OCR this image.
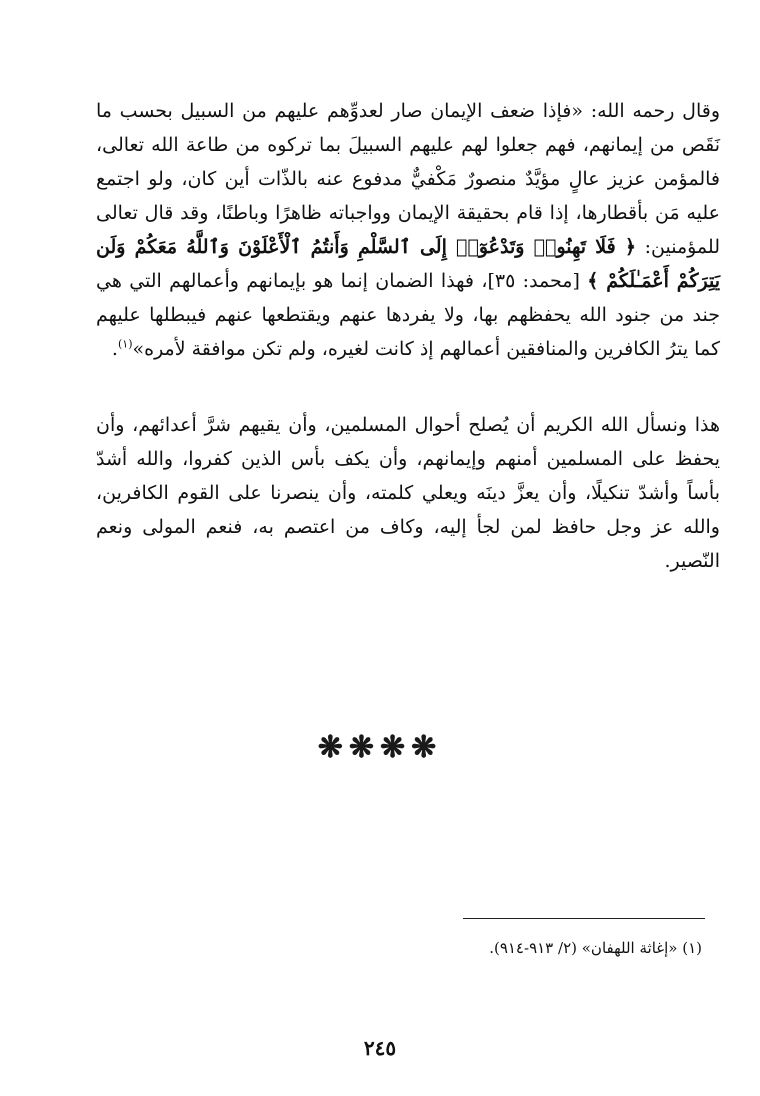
وقال رحمه الله: «فإذا ضعف الإيمان صار لعدوِّهم عليهم من السبيل بحسب ما نَقَص من إيمانهم، فهم جعلوا لهم عليهم السبيلَ بما تركوه من طاعة الله تعالى، فالمؤمن عزيز عالٍ مؤيَّدٌ منصورٌ مَكْفيٌّ مدفوع عنه بالذّات أين كان، ولو اجتمع عليه مَن بأقطارها، إذا قام بحقيقة الإيمان وواجباته ظاهرًا وباطنًا، وقد قال تعالى للمؤمنين: ﴿ فَلَا تَهِنُوا۟ وَتَدْعُوٓا۟ إِلَى ٱلسَّلْمِ وَأَنتُمُ ٱلْأَعْلَوْنَ وَٱللَّهُ مَعَكُمْ وَلَن يَتِرَكُمْ أَعْمَـٰلَكُمْ ﴾ [محمد: ٣٥]، فهذا الضمان إنما هو بإيمانهم وأعمالهم التي هي جند من جنود الله يحفظهم بها، ولا يفردها عنهم ويقتطعها عنهم فيبطلها عليهم كما يترُ الكافرين والمنافقين أعمالهم إذ كانت لغيره، ولم تكن موافقة لأمره»$^{(١)}$.

هذا ونسأل الله الكريم أن يُصلح أحوال المسلمين، وأن يقيهم شرَّ أعدائهم، وأن يحفظ على المسلمين أمنهم وإيمانهم، وأن يكف بأس الذين كفروا، والله أشدّ بأساً وأشدّ تنكيلًا، وأن يعزَّ دينَه ويعلي كلمته، وأن ينصرنا على القوم الكافرين، والله عز وجل حافظ لمن لجأ إليه، وكاف من اعتصم به، فنعم المولى ونعم النّصير.

❋❋❋❋

(١) «إغاثة اللهفان» (٢/ ٩١٣-٩١٤).

٢٤٥
